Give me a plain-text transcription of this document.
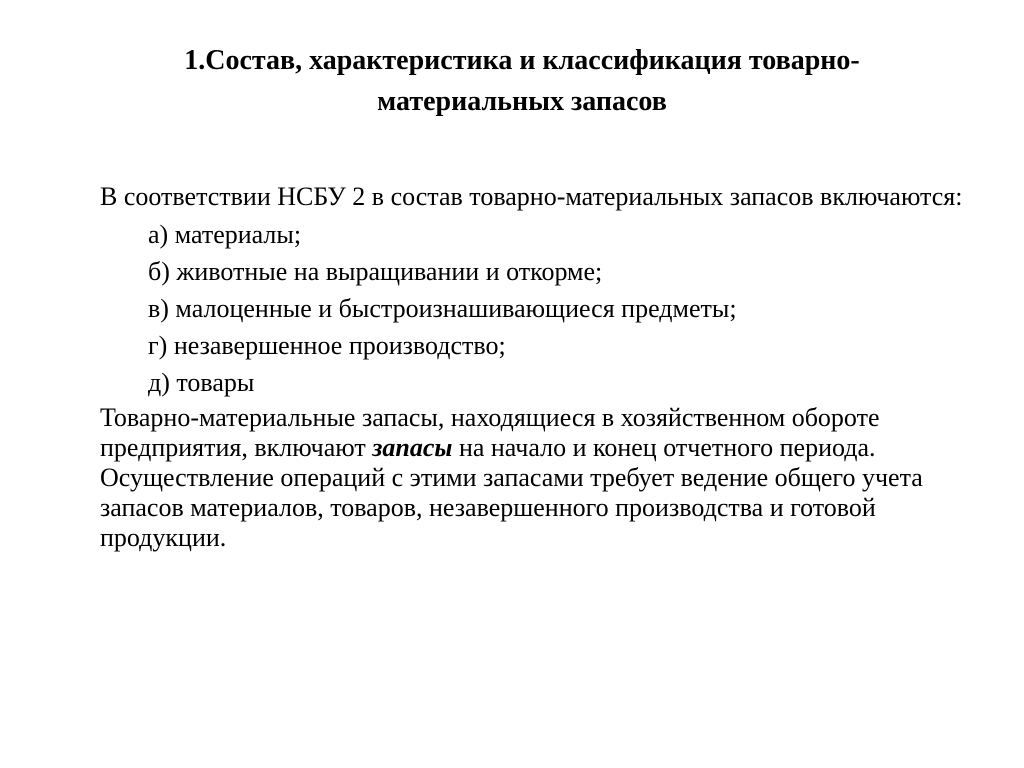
1.Состав, характеристика и классификация товарно-
материальных запасов

В соответствии НСБУ 2 в состав товарно-материальных запасов включаются:

а) материалы;
б) животные на выращивании и откорме;
в) малоценные и быстроизнашивающиеся предметы;
г) незавершенное производство;
д) товары

Товарно-материальные запасы, находящиеся в хозяйственном обороте предприятия, включают запасы на начало и конец отчетного периода. Осуществление операций с этими запасами требует ведение общего учета запасов материалов, товаров, незавершенного производства и готовой продукции.
